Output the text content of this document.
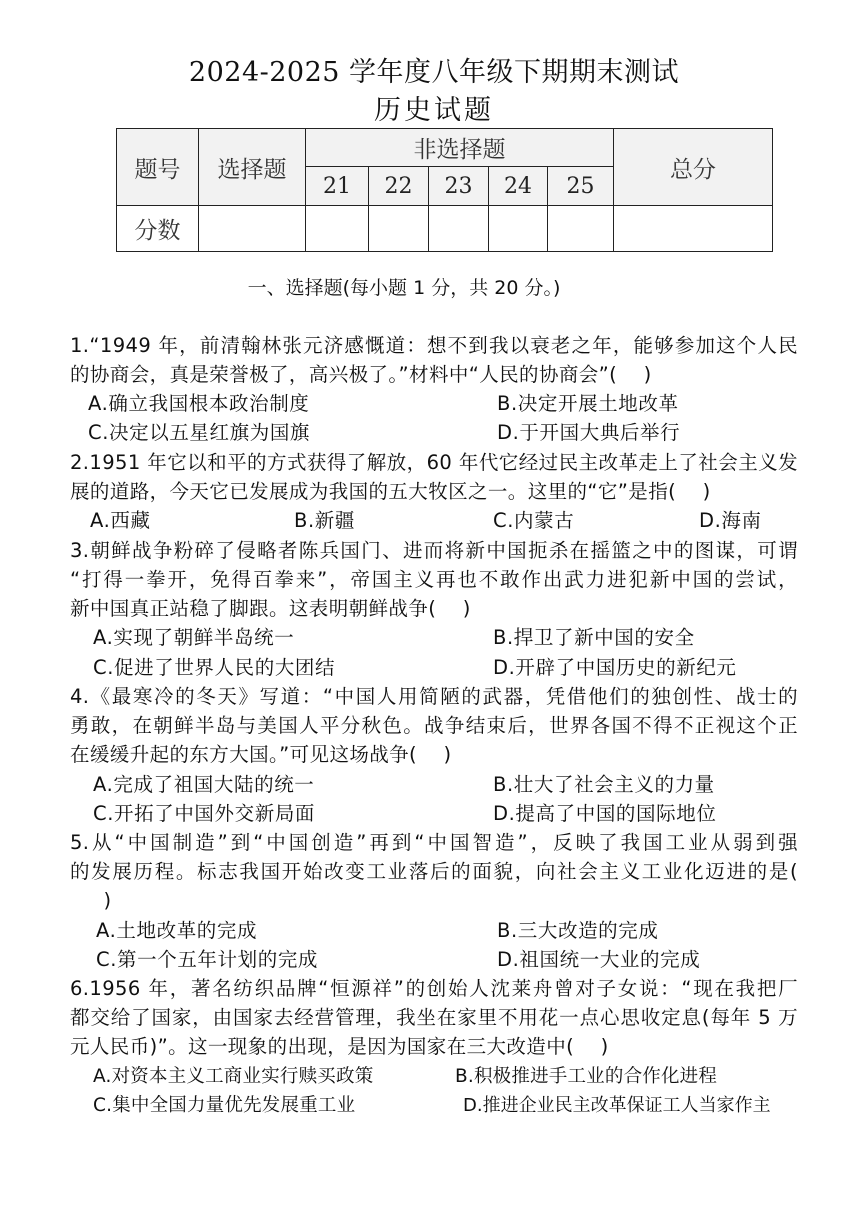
2024-2025 学年度八年级下期期末测试
历史试题
题号	选择题	非选择题					总分
		21	22	23	24	25	
分数							
一、选择题(每小题 1 分，共 20 分。)
1.“1949 年，前清翰林张元济感慨道：想不到我以衰老之年，能够参加这个人民
的协商会，真是荣誉极了，高兴极了。”材料中“人民的协商会”(　 )
A.确立我国根本政治制度	B.决定开展土地改革
C.决定以五星红旗为国旗	D.于开国大典后举行
2.1951 年它以和平的方式获得了解放，60 年代它经过民主改革走上了社会主义发
展的道路，今天它已发展成为我国的五大牧区之一。这里的“它”是指(　 )
A.西藏	B.新疆	C.内蒙古	D.海南
3.朝鲜战争粉碎了侵略者陈兵国门、进而将新中国扼杀在摇篮之中的图谋，可谓
“打得一拳开，免得百拳来”，帝国主义再也不敢作出武力进犯新中国的尝试，
新中国真正站稳了脚跟。这表明朝鲜战争(　 )
A.实现了朝鲜半岛统一	B.捍卫了新中国的安全
C.促进了世界人民的大团结	D.开辟了中国历史的新纪元
4.《最寒冷的冬天》写道：“中国人用简陋的武器，凭借他们的独创性、战士的
勇敢，在朝鲜半岛与美国人平分秋色。战争结束后，世界各国不得不正视这个正
在缓缓升起的东方大国。”可见这场战争(　 )
A.完成了祖国大陆的统一	B.壮大了社会主义的力量
C.开拓了中国外交新局面	D.提高了中国的国际地位
5.从“中国制造”到“中国创造”再到“中国智造”，反映了我国工业从弱到强
的发展历程。标志我国开始改变工业落后的面貌，向社会主义工业化迈进的是(
　)
A.土地改革的完成	B.三大改造的完成
C.第一个五年计划的完成	D.祖国统一大业的完成
6.1956 年，著名纺织品牌“恒源祥”的创始人沈莱舟曾对子女说：“现在我把厂
都交给了国家，由国家去经营管理，我坐在家里不用花一点心思收定息(每年 5 万
元人民币)”。这一现象的出现，是因为国家在三大改造中(　 )
A.对资本主义工商业实行赎买政策	B.积极推进手工业的合作化进程
C.集中全国力量优先发展重工业	D.推进企业民主改革保证工人当家作主
